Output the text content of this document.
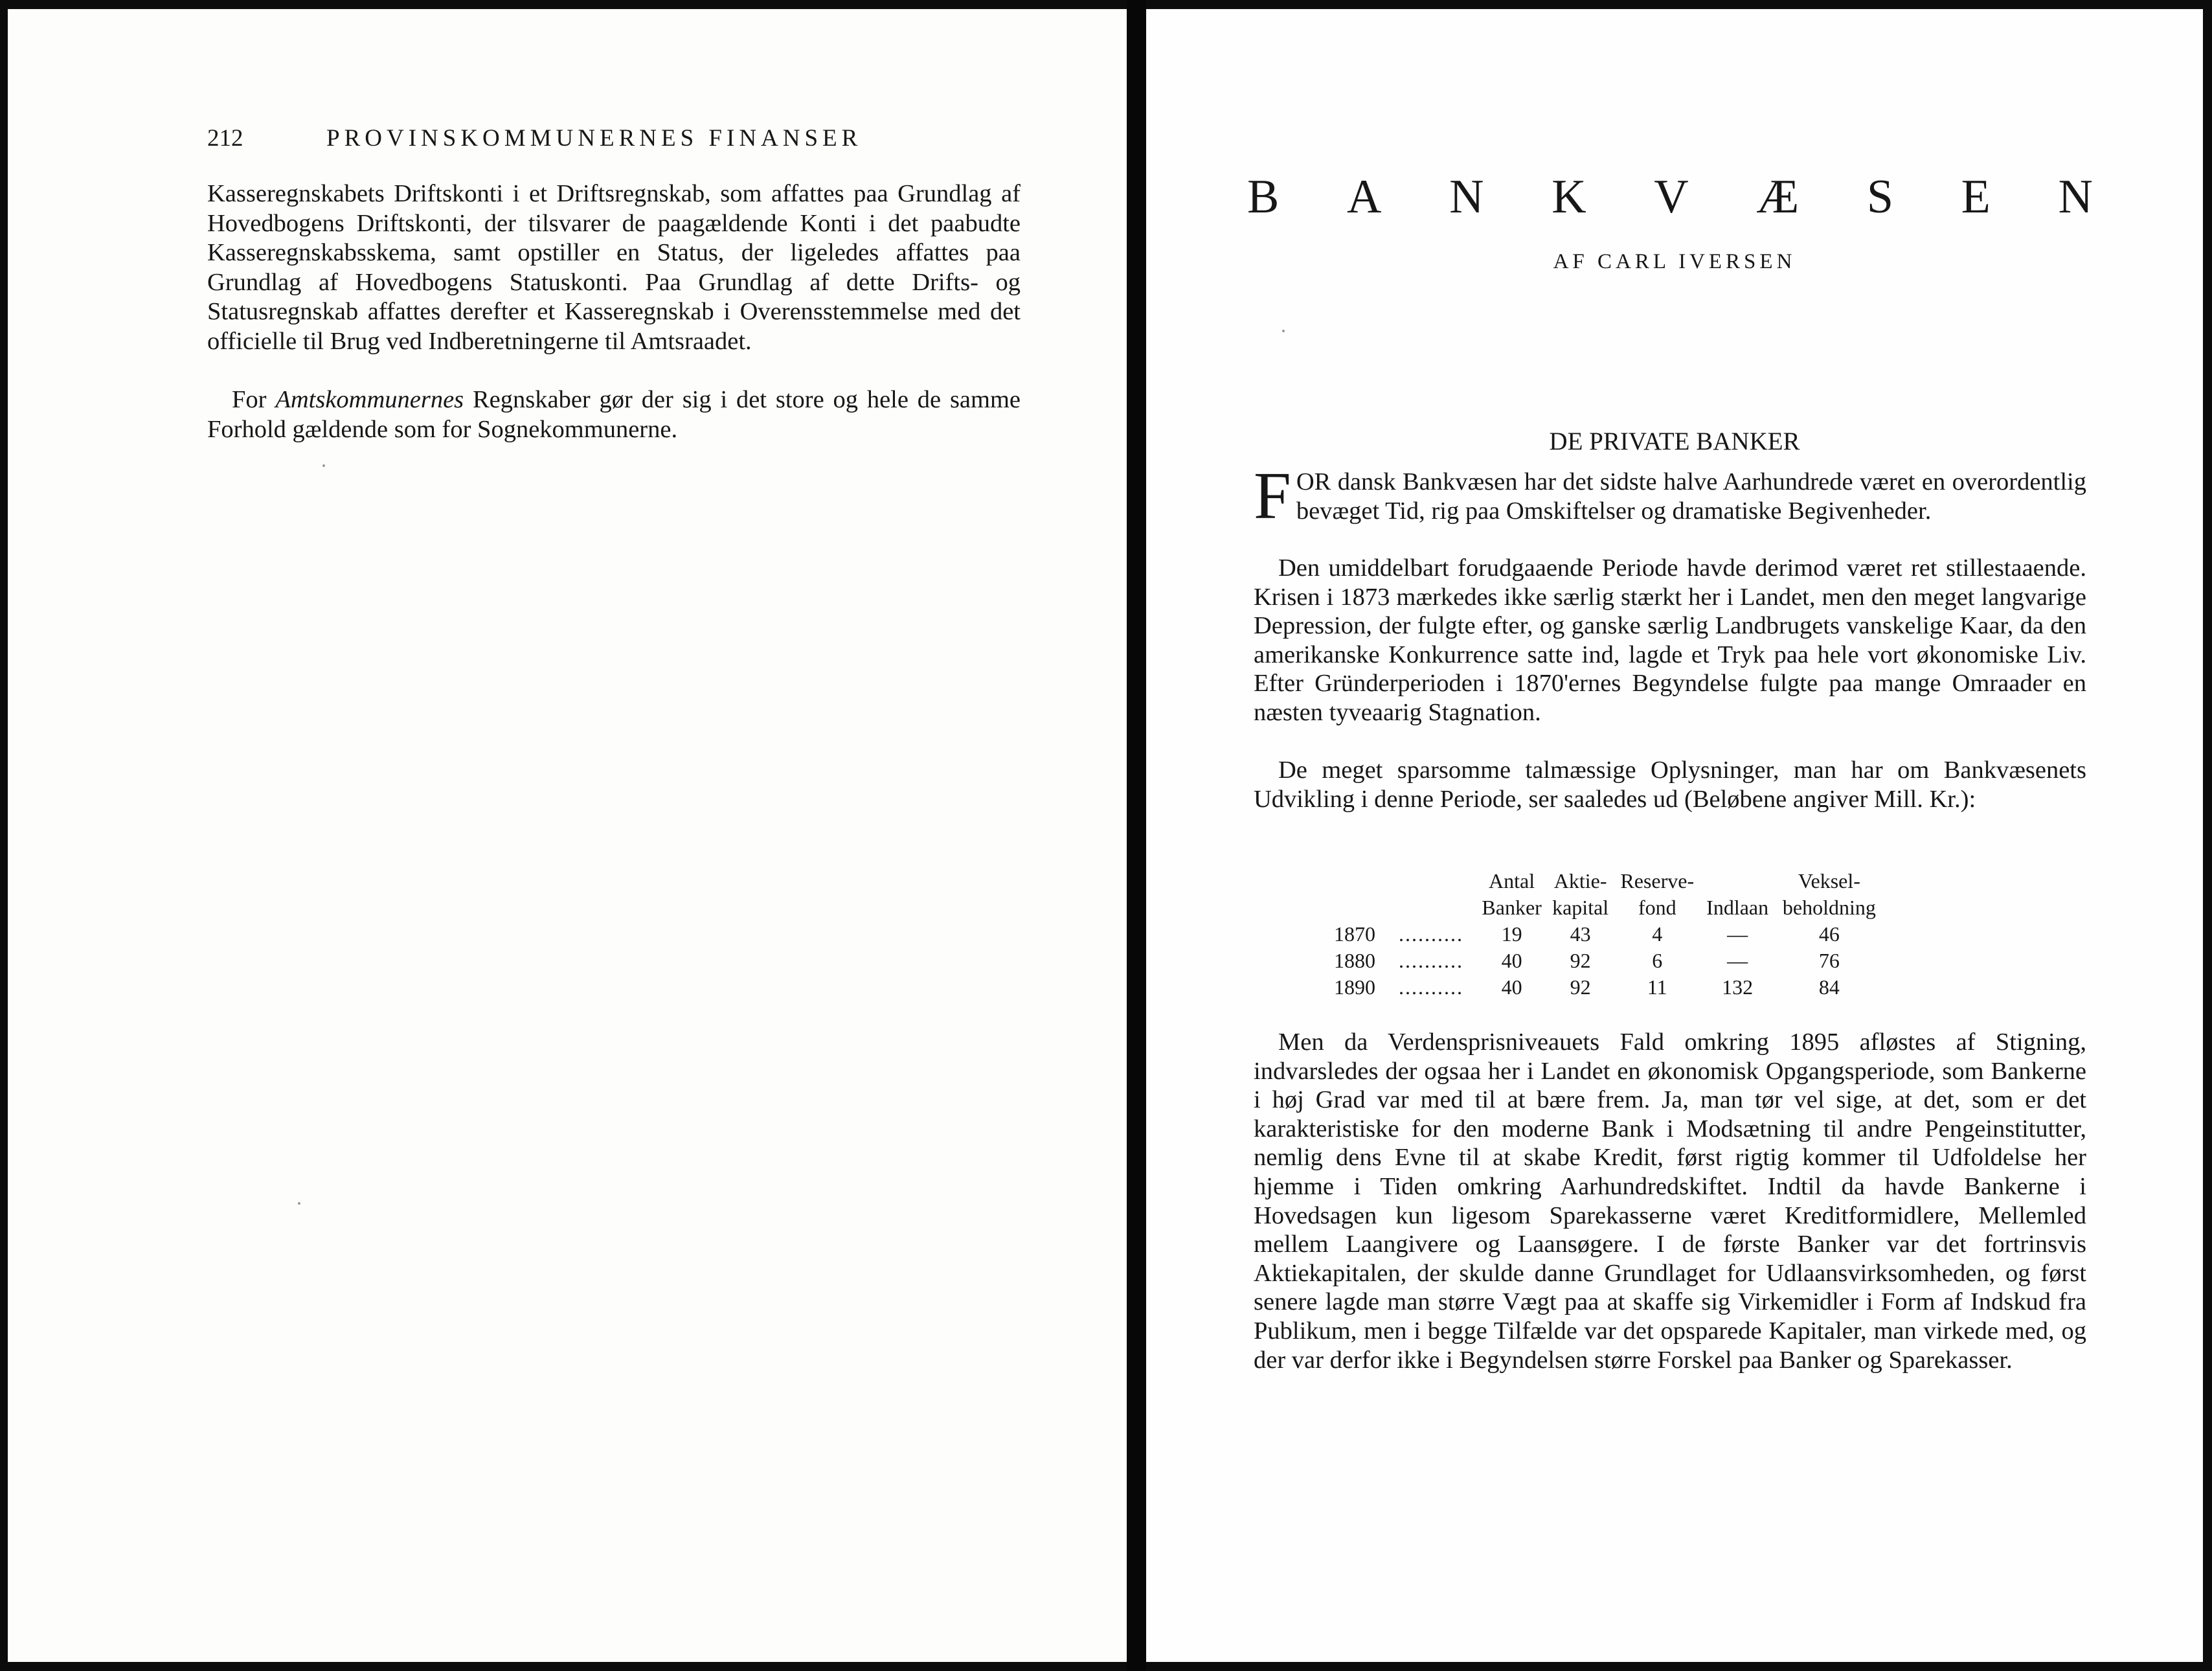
212	PROVINSKOMMUNERNES FINANSER

Kasseregnskabets Driftskonti i et Driftsregnskab, som affattes paa Grundlag af Hovedbogens Driftskonti, der tilsvarer de paagældende Konti i det paabudte Kasseregnskabsskema, samt opstiller en Status, der ligeledes affattes paa Grundlag af Hovedbogens Statuskonti. Paa Grundlag af dette Drifts- og Statusregnskab affattes derefter et Kasseregnskab i Overensstemmelse med det officielle til Brug ved Indberetningerne til Amtsraadet.

For Amtskommunernes Regnskaber gør der sig i det store og hele de samme Forhold gældende som for Sognekommunerne.

B A N K V Æ S E N
AF CARL IVERSEN
DE PRIVATE BANKER

FOR dansk Bankvæsen har det sidste halve Aarhundrede været en overordentlig bevæget Tid, rig paa Omskiftelser og dramatiske Begivenheder.

Den umiddelbart forudgaaende Periode havde derimod været ret stillestaaende. Krisen i 1873 mærkedes ikke særlig stærkt her i Landet, men den meget langvarige Depression, der fulgte efter, og ganske særlig Landbrugets vanskelige Kaar, da den amerikanske Konkurrence satte ind, lagde et Tryk paa hele vort økonomiske Liv. Efter Gründerperioden i 1870'ernes Begyndelse fulgte paa mange Omraader en næsten tyveaarig Stagnation.

De meget sparsomme talmæssige Oplysninger, man har om Bankvæsenets Udvikling i denne Periode, ser saaledes ud (Beløbene angiver Mill. Kr.):

		Antal	Aktie-	Reserve-		Veksel-
		Banker	kapital	fond	Indlaan	beholdning
1870	..........	19	43	4	—	46
1880	..........	40	92	6	—	76
1890	..........	40	92	11	132	84

Men da Verdensprisniveauets Fald omkring 1895 afløstes af Stigning, indvarsledes der ogsaa her i Landet en økonomisk Opgangsperiode, som Bankerne i høj Grad var med til at bære frem. Ja, man tør vel sige, at det, som er det karakteristiske for den moderne Bank i Modsætning til andre Pengeinstitutter, nemlig dens Evne til at skabe Kredit, først rigtig kommer til Udfoldelse her hjemme i Tiden omkring Aarhundredskiftet. Indtil da havde Bankerne i Hovedsagen kun ligesom Sparekasserne været Kreditformidlere, Mellemled mellem Laangivere og Laansøgere. I de første Banker var det fortrinsvis Aktiekapitalen, der skulde danne Grundlaget for Udlaansvirksomheden, og først senere lagde man større Vægt paa at skaffe sig Virkemidler i Form af Indskud fra Publikum, men i begge Tilfælde var det opsparede Kapitaler, man virkede med, og der var derfor ikke i Begyndelsen større Forskel paa Banker og Sparekasser.
